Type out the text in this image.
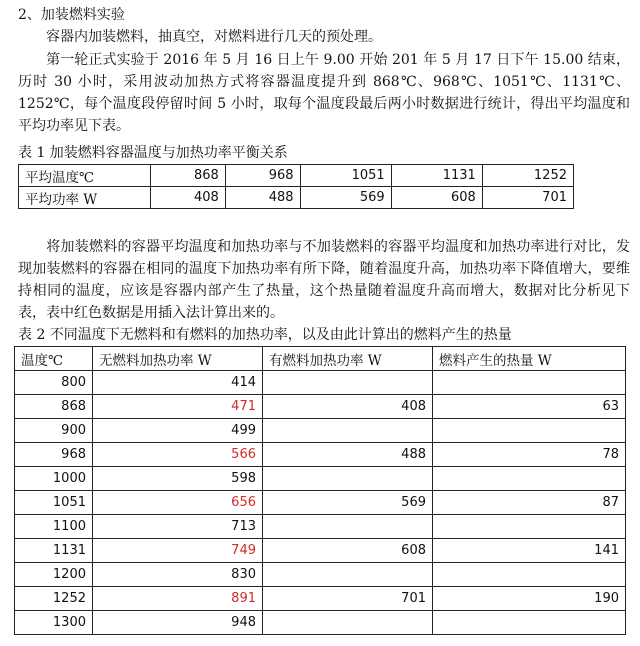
2、加装燃料实验
容器内加装燃料，抽真空，对燃料进行几天的预处理。
第一轮正式实验于 2016 年 5 月 16 日上午 9.00 开始 201 年 5 月 17 日下午 15.00 结束，历时 30 小时，采用波动加热方式将容器温度提升到 868℃、968℃、1051℃、1131℃、1252℃，每个温度段停留时间 5 小时，取每个温度段最后两小时数据进行统计，得出平均温度和平均功率见下表。
表 1 加装燃料容器温度与加热功率平衡关系
平均温度℃	868	968	1051	1131	1252
平均功率 W	408	488	569	608	701
将加装燃料的容器平均温度和加热功率与不加装燃料的容器平均温度和加热功率进行对比，发现加装燃料的容器在相同的温度下加热功率有所下降，随着温度升高，加热功率下降值增大，要维持相同的温度，应该是容器内部产生了热量，这个热量随着温度升高而增大，数据对比分析见下表，表中红色数据是用插入法计算出来的。
表 2 不同温度下无燃料和有燃料的加热功率，以及由此计算出的燃料产生的热量
温度℃	无燃料加热功率 W	有燃料加热功率 W	燃料产生的热量 W
800	414		
868	471	408	63
900	499		
968	566	488	78
1000	598		
1051	656	569	87
1100	713		
1131	749	608	141
1200	830		
1252	891	701	190
1300	948		
